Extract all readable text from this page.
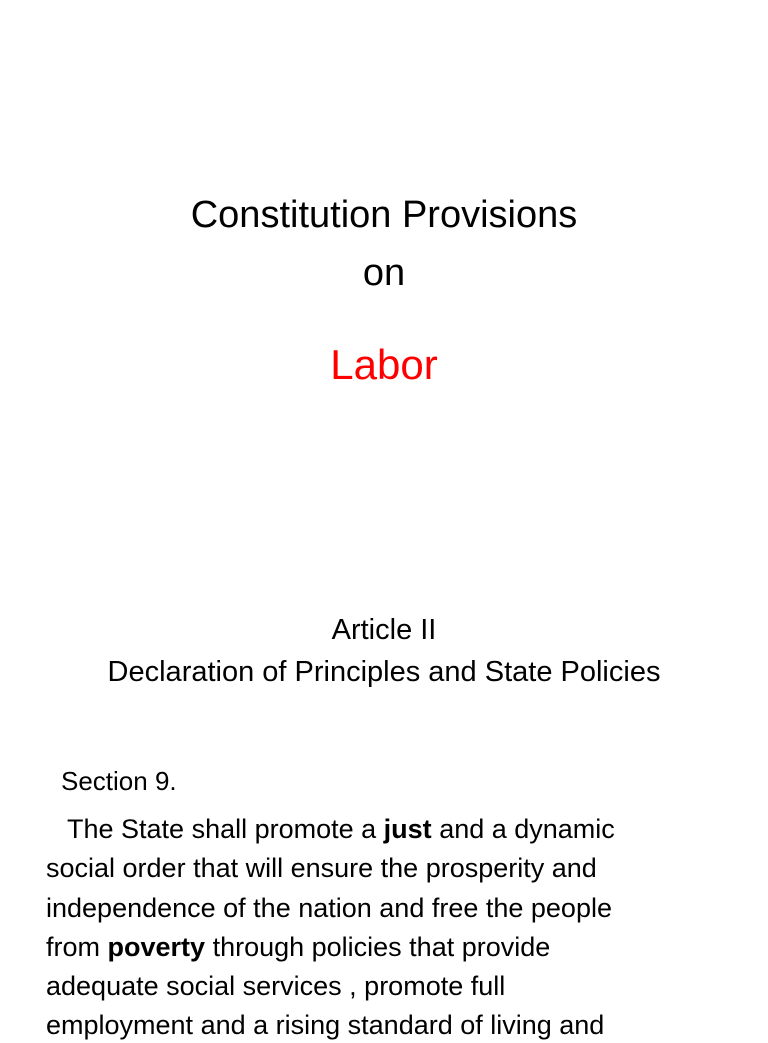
Constitution Provisions
on
Labor
Article II
Declaration of Principles and State Policies
Section 9.
The State shall promote a just and a dynamic
social order that will ensure the prosperity and
independence of the nation and free the people
from poverty through policies that provide
adequate social services , promote full
employment and a rising standard of living and
